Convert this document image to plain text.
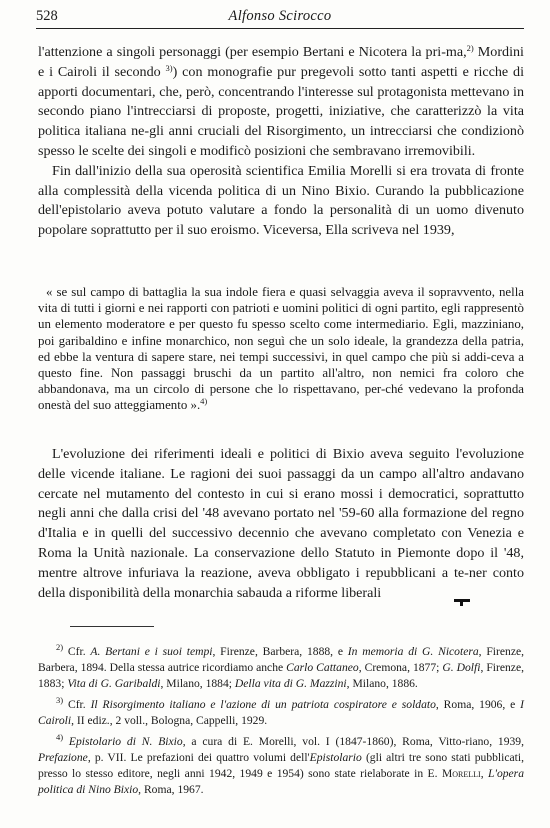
528	Alfonso Scirocco

l'attenzione a singoli personaggi (per esempio Bertani e Nicotera la pri-ma,$^{2)}$ Mordini e i Cairoli il secondo $^{3)}$) con monografie pur pregevoli sotto tanti aspetti e ricche di apporti documentari, che, però, concentrando l'interesse sul protagonista mettevano in secondo piano l'intrecciarsi di proposte, progetti, iniziative, che caratterizzò la vita politica italiana ne-gli anni cruciali del Risorgimento, un intrecciarsi che condizionò spesso le scelte dei singoli e modificò posizioni che sembravano irremovibili.

Fin dall'inizio della sua operosità scientifica Emilia Morelli si era trovata di fronte alla complessità della vicenda politica di un Nino Bixio. Curando la pubblicazione dell'epistolario aveva potuto valutare a fondo la personalità di un uomo divenuto popolare soprattutto per il suo eroismo. Viceversa, Ella scriveva nel 1939,

« se sul campo di battaglia la sua indole fiera e quasi selvaggia aveva il sopravvento, nella vita di tutti i giorni e nei rapporti con patrioti e uomini politici di ogni partito, egli rappresentò un elemento moderatore e per questo fu spesso scelto come intermediario. Egli, mazziniano, poi garibaldino e infine monarchico, non seguì che un solo ideale, la grandezza della patria, ed ebbe la ventura di sapere stare, nei tempi successivi, in quel campo che più si addi-ceva a questo fine. Non passaggi bruschi da un partito all'altro, non nemici fra coloro che abbandonava, ma un circolo di persone che lo rispettavano, per-ché vedevano la profonda onestà del suo atteggiamento ».$^{4)}$

L'evoluzione dei riferimenti ideali e politici di Bixio aveva seguito l'evoluzione delle vicende italiane. Le ragioni dei suoi passaggi da un campo all'altro andavano cercate nel mutamento del contesto in cui si erano mossi i democratici, soprattutto negli anni che dalla crisi del '48 avevano portato nel '59-60 alla formazione del regno d'Italia e in quelli del successivo decennio che avevano completato con Venezia e Roma la Unità nazionale. La conservazione dello Statuto in Piemonte dopo il '48, mentre altrove infuriava la reazione, aveva obbligato i repubblicani a te-ner conto della disponibilità della monarchia sabauda a riforme liberali

$^{2)}$ Cfr. A. Bertani e i suoi tempi, Firenze, Barbera, 1888, e In memoria di G. Nicotera, Firenze, Barbera, 1894. Della stessa autrice ricordiamo anche Carlo Cattaneo, Cremona, 1877; G. Dolfi, Firenze, 1883; Vita di G. Garibaldi, Milano, 1884; Della vita di G. Mazzini, Milano, 1886.

$^{3)}$ Cfr. Il Risorgimento italiano e l'azione di un patriota cospiratore e soldato, Roma, 1906, e I Cairoli, II ediz., 2 voll., Bologna, Cappelli, 1929.

$^{4)}$ Epistolario di N. Bixio, a cura di E. Morelli, vol. I (1847-1860), Roma, Vitto-riano, 1939, Prefazione, p. VII. Le prefazioni dei quattro volumi dell'Epistolario (gli altri tre sono stati pubblicati, presso lo stesso editore, negli anni 1942, 1949 e 1954) sono state rielaborate in E. Morelli, L'opera politica di Nino Bixio, Roma, 1967.
